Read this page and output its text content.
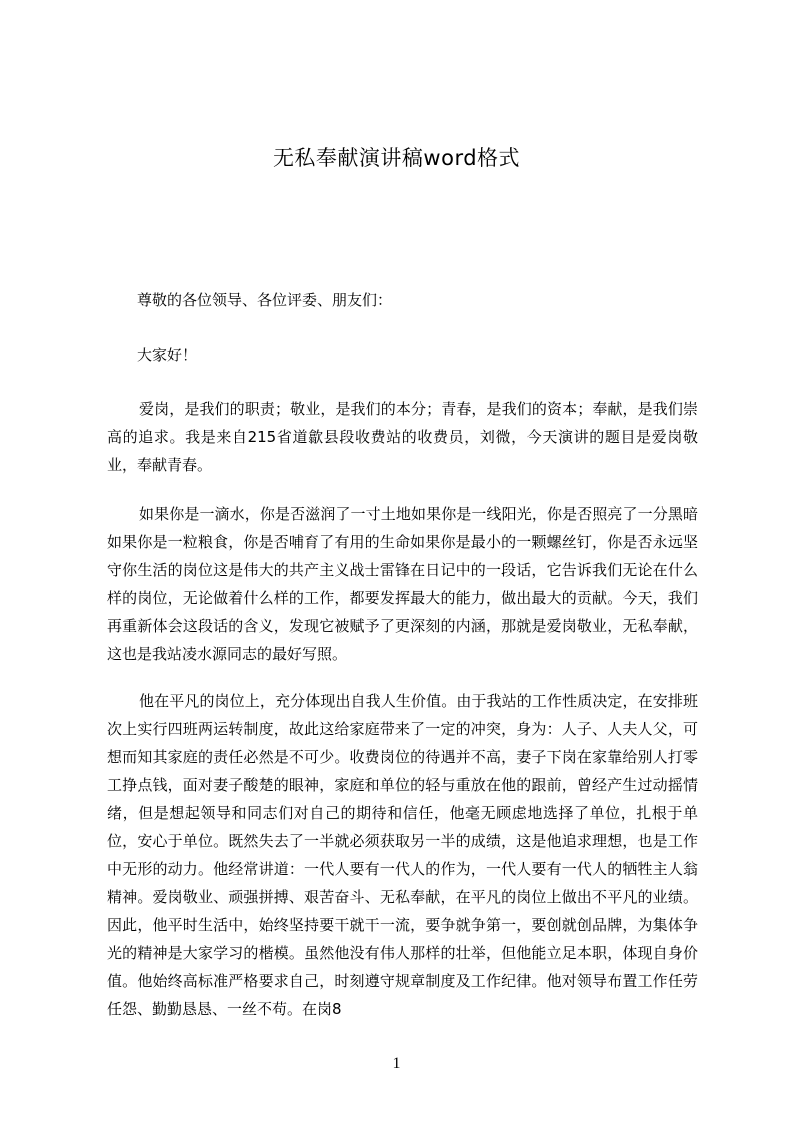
无私奉献演讲稿word格式

尊敬的各位领导、各位评委、朋友们：

大家好！

爱岗，是我们的职责；敬业，是我们的本分；青春，是我们的资本；奉献，是我们崇高的追求。我是来自215省道歙县段收费站的收费员，刘微，今天演讲的题目是爱岗敬业，奉献青春。

如果你是一滴水，你是否滋润了一寸土地如果你是一线阳光，你是否照亮了一分黑暗如果你是一粒粮食，你是否哺育了有用的生命如果你是最小的一颗螺丝钉，你是否永远坚守你生活的岗位这是伟大的共产主义战士雷锋在日记中的一段话，它告诉我们无论在什么样的岗位，无论做着什么样的工作，都要发挥最大的能力，做出最大的贡献。今天，我们再重新体会这段话的含义，发现它被赋予了更深刻的内涵，那就是爱岗敬业，无私奉献，这也是我站凌水源同志的最好写照。

他在平凡的岗位上，充分体现出自我人生价值。由于我站的工作性质决定，在安排班次上实行四班两运转制度，故此这给家庭带来了一定的冲突，身为：人子、人夫人父，可想而知其家庭的责任必然是不可少。收费岗位的待遇并不高，妻子下岗在家靠给别人打零工挣点钱，面对妻子酸楚的眼神，家庭和单位的轻与重放在他的跟前，曾经产生过动摇情绪，但是想起领导和同志们对自己的期待和信任，他毫无顾虑地选择了单位，扎根于单位，安心于单位。既然失去了一半就必须获取另一半的成绩，这是他追求理想，也是工作中无形的动力。他经常讲道：一代人要有一代人的作为，一代人要有一代人的牺牲主人翁精神。爱岗敬业、顽强拼搏、艰苦奋斗、无私奉献，在平凡的岗位上做出不平凡的业绩。因此，他平时生活中，始终坚持要干就干一流，要争就争第一，要创就创品牌，为集体争光的精神是大家学习的楷模。虽然他没有伟人那样的壮举，但他能立足本职，体现自身价值。他始终高标准严格要求自己，时刻遵守规章制度及工作纪律。他对领导布置工作任劳任怨、勤勤恳恳、一丝不苟。在岗8

1
